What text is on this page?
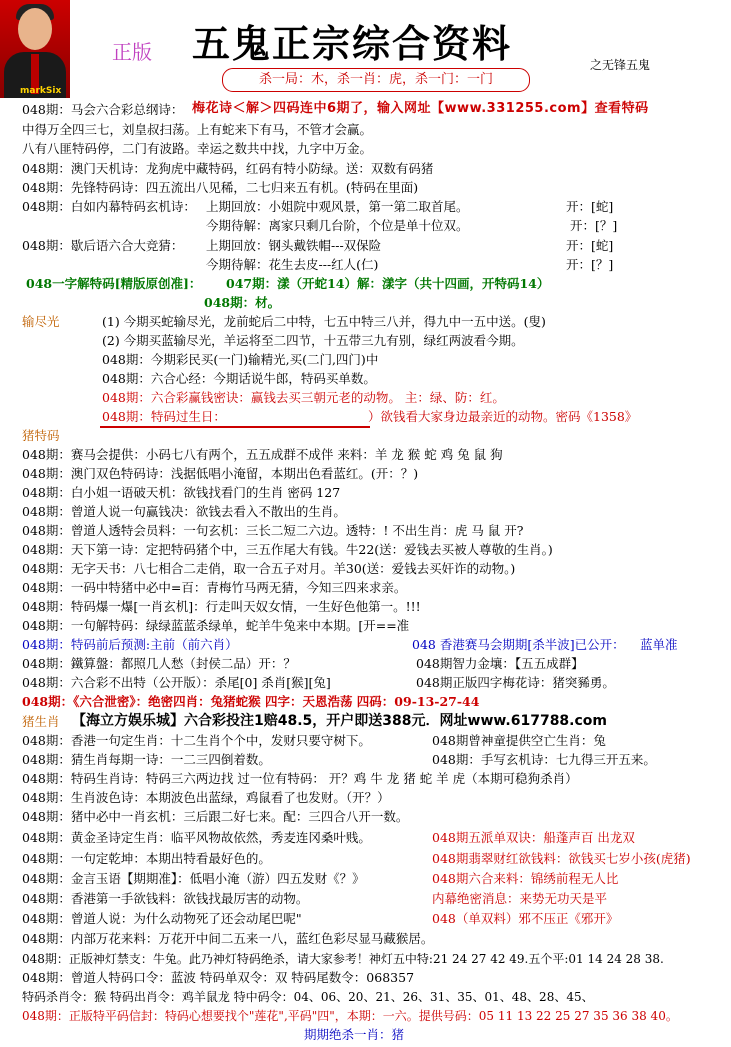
markSix
正版 五鬼正宗综合资料	之无锋五鬼
杀一局：木，杀一肖：虎，杀一门：一门
048期：马会六合彩总纲诗： 梅花诗＜解＞四码连中6期了，输入网址【www.331255.com】查看特码
中得万全四三七，刘皇叔扫荡。上有蛇来下有马，不管才会赢。
八有八匪特码停，二门有波路。幸运之数共中找，九字中万金。
048期：澳门天机诗：龙狗虎中藏特码，红码有特小防绿。送：双数有码猪
048期：先锋特码诗：四五流出八见稀，二七归来五有机。(特码在里面)
048期：白如内幕特码玄机诗： 上期回放：小姐院中观风景，第一第二取首尾。	开：[蛇]
今期待解：离家只剩几台阶，个位是单十位双。	开：[？]
048期：歇后语六合大竞猜： 上期回放：钢头戴铁帽---双保险	开：[蛇]
今期待解：花生去皮---红人(仁)	开：[？]
048一字解特码[精版原创准]： 047期：漾（开蛇14）解：漾字（共十四画，开特码14）
048期：材。
输尽光	(1) 今期买蛇输尽光，龙前蛇后二中特，七五中特三八并，得九中一五中送。(叟)
(2) 今期买蓝输尽光，羊运将至二四节，十五带三九有别，绿红两波看今期。
048期：今期彩民买(一门)输精光,买(二门,四门)中
048期：六合心经：今期话说牛郎，特码买单数。
048期：六合彩赢钱密诀：赢钱去买三朝元老的动物。 主：绿、防：红。
048期：特码过生日：	）欲钱看大家身边最亲近的动物。密码《1358》
猪特码
048期：赛马会提供：小码七八有两个，五五成群不成伴 来料：羊 龙 猴 蛇 鸡 兔 鼠 狗
048期：澳门双色特码诗：浅据低唱小淹留，本期出色看蓝红。(开：？)
048期：白小姐一语破天机：欲钱找看门的生肖 密码 127
048期：曾道人说一句赢钱决：欲钱去看入不散出的生肖。
048期：曾道人透特会员料：一句玄机：三长二短二六边。透特：! 不出生肖：虎 马 鼠 开?
048期：天下第一诗：定把特码猪个中，三五作尾大有钱。牛22(送：爱钱去买被人尊敬的生肖。)
048期：无字天书：八七相合二走俏，取一合五子对月。羊30(送：爱钱去买奸诈的动物。)
048期：一码中特猪中必中=百：青梅竹马两无猜，今知三四来求亲。
048期：特码爆一爆[一肖玄机]：行走叫天奴女情，一生好色他第一。!!!
048期：一句解特码：绿绿蓝蓝杀绿单，蛇羊牛兔来中本期。[开==准
048期：特码前后预测:主前（前六肖）	048 香港赛马会期期[杀半波]已公开： 蓝单准
048期：鐵算盤：都照几人愁（封侯二品）开：？	048期智力金壤：【五五成群】
048期：六合彩不出特（公开版）：杀尾[0] 杀肖[猴][兔]	048期正版四字梅花诗：猪突豨勇。
048期：《六合泄密》：绝密四肖：兔猪蛇猴 四字：天恩浩荡 四码：09-13-27-44
猪生肖 【海立方娱乐城】六合彩投注1赔48.5，开户即送388元．网址www.617788.com
048期：香港一句定生肖：十二生肖个个中，发财只要守树下。	048期曾神童提供空亡生肖：兔
048期：猜生肖每期一诗：一二三四倒着数。	048期：手写玄机诗：七九得三开五来。
048期：特码生肖诗：特码三六两边找 过一位有特码： 开？鸡 牛 龙 猪 蛇 羊 虎（本期可稳狗杀肖）
048期：生肖波色诗：本期波色出蓝绿，鸡鼠看了也发财。（开？）
048期：猪中必中一肖玄机：三后跟二好七来。配：三四合八开一数。
048期：黄金圣诗定生肖：临平风物故依然，秀麦连冈桑叶贱。	048期五派单双诀：船蓬声百 出龙双
048期：一句定乾坤：本期出特看最好色的。	048期翡翠财红欲钱料：欲钱买七岁小孩(虎猪)
048期：金言玉语【期期准】：低唱小淹（游）四五发财《？》	048期六合来料：锦绣前程无人比
048期：香港第一手欲钱料：欲钱找最厉害的动物。	内幕绝密消息：来势无功天是平
048期：曾道人说：为什么动物死了还会动尾巴呢"	048（单双料）邪不压正《邪开》
048期：内部万花来料：万花开中间二五来一八，蓝红色彩尽显马藏猴居。
048期：正版神灯禁支：牛兔。此乃神灯特码绝杀，请大家参考！神灯五中特:21 24 27 42 49.五个平:01 14 24 28 38.
048期：曾道人特码口令：蓝波 特码单双令：双 特码尾数令：068357
特码杀肖令：猴 特码出肖令：鸡羊鼠龙 特中码令：04、06、20、21、26、31、35、01、48、28、45、
048期：正版特平码信封：特码心想要找个"莲花",平码"四"，本期：一六。提供号码：05 11 13 22 25 27 35 36 38 40。
期期绝杀一肖：猪
